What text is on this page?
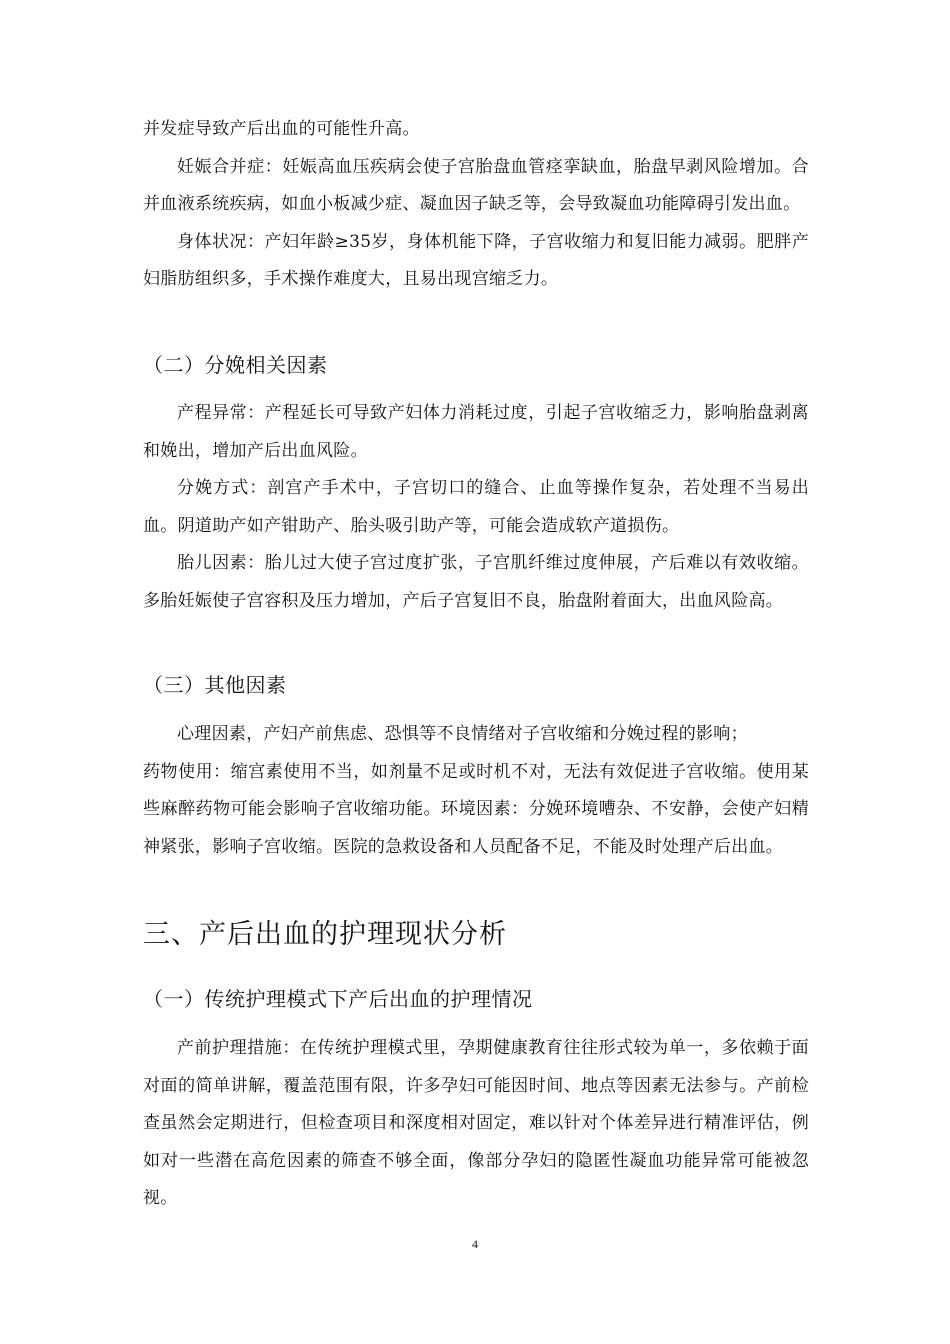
并发症导致产后出血的可能性升高。

妊娠合并症：妊娠高血压疾病会使子宫胎盘血管痉挛缺血，胎盘早剥风险增加。合并血液系统疾病，如血小板减少症、凝血因子缺乏等，会导致凝血功能障碍引发出血。

身体状况：产妇年龄≥35岁，身体机能下降，子宫收缩力和复旧能力减弱。肥胖产妇脂肪组织多，手术操作难度大，且易出现宫缩乏力。

（二）分娩相关因素

产程异常：产程延长可导致产妇体力消耗过度，引起子宫收缩乏力，影响胎盘剥离和娩出，增加产后出血风险。

分娩方式：剖宫产手术中，子宫切口的缝合、止血等操作复杂，若处理不当易出血。阴道助产如产钳助产、胎头吸引助产等，可能会造成软产道损伤。

胎儿因素：胎儿过大使子宫过度扩张，子宫肌纤维过度伸展，产后难以有效收缩。多胎妊娠使子宫容积及压力增加，产后子宫复旧不良，胎盘附着面大，出血风险高。

（三）其他因素

心理因素，产妇产前焦虑、恐惧等不良情绪对子宫收缩和分娩过程的影响；

药物使用：缩宫素使用不当，如剂量不足或时机不对，无法有效促进子宫收缩。使用某些麻醉药物可能会影响子宫收缩功能。环境因素：分娩环境嘈杂、不安静，会使产妇精神紧张，影响子宫收缩。医院的急救设备和人员配备不足，不能及时处理产后出血。

三、产后出血的护理现状分析
（一）传统护理模式下产后出血的护理情况

产前护理措施：在传统护理模式里，孕期健康教育往往形式较为单一，多依赖于面对面的简单讲解，覆盖范围有限，许多孕妇可能因时间、地点等因素无法参与。产前检查虽然会定期进行，但检查项目和深度相对固定，难以针对个体差异进行精准评估，例如对一些潜在高危因素的筛查不够全面，像部分孕妇的隐匿性凝血功能异常可能被忽视。

4
